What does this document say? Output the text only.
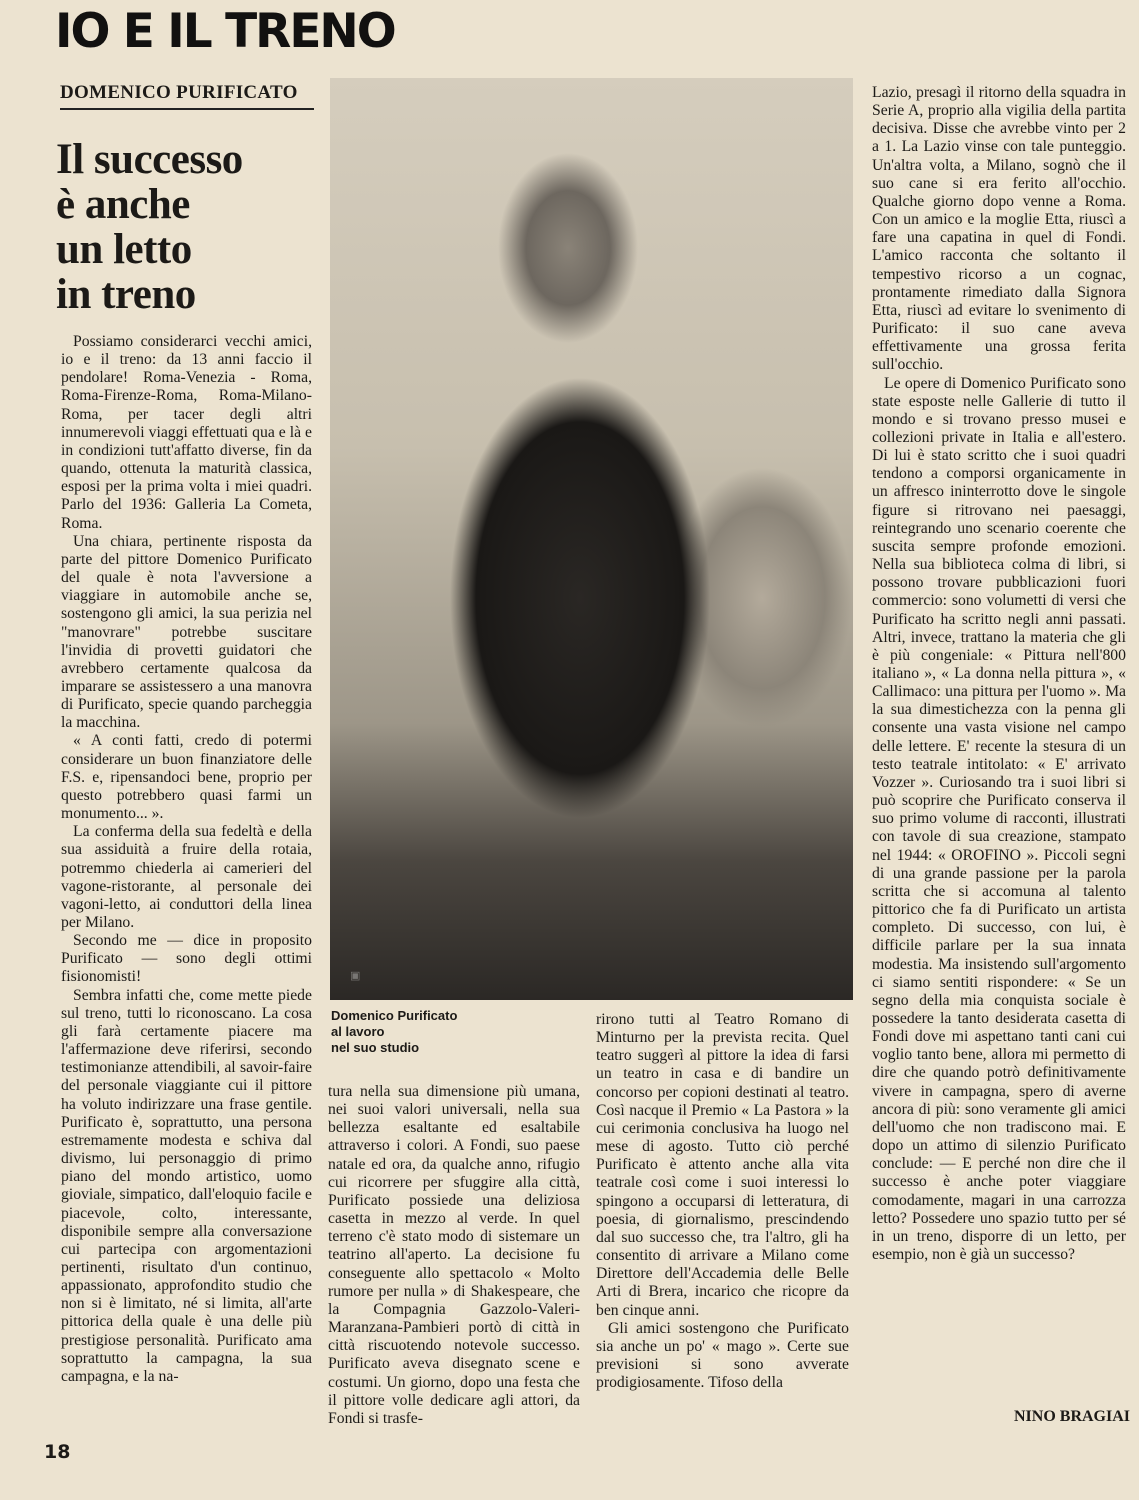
IO E IL TRENO
DOMENICO PURIFICATO
Il successo
è anche
un letto
in treno

Possiamo considerarci vecchi amici, io e il treno: da 13 anni faccio il pendolare! Roma-Venezia - Roma, Roma-Firenze-Roma, Roma-Milano-Roma, per tacer degli altri innumerevoli viaggi effettuati qua e là e in condizioni tutt'affatto diverse, fin da quando, ottenuta la maturità classica, esposi per la prima volta i miei quadri. Parlo del 1936: Galleria La Cometa, Roma.

Una chiara, pertinente risposta da parte del pittore Domenico Purificato del quale è nota l'avversione a viaggiare in automobile anche se, sostengono gli amici, la sua perizia nel "manovrare" potrebbe suscitare l'invidia di provetti guidatori che avrebbero certamente qualcosa da imparare se assistessero a una manovra di Purificato, specie quando parcheggia la macchina.

« A conti fatti, credo di potermi considerare un buon finanziatore delle F.S. e, ripensandoci bene, proprio per questo potrebbero quasi farmi un monumento... ».

La conferma della sua fedeltà e della sua assiduità a fruire della rotaia, potremmo chiederla ai camerieri del vagone-ristorante, al personale dei vagoni-letto, ai conduttori della linea per Milano.

Secondo me — dice in proposito Purificato — sono degli ottimi fisionomisti!

Sembra infatti che, come mette piede sul treno, tutti lo riconoscano. La cosa gli farà certamente piacere ma l'affermazione deve riferirsi, secondo testimonianze attendibili, al savoir-faire del personale viaggiante cui il pittore ha voluto indirizzare una frase gentile. Purificato è, soprattutto, una persona estremamente modesta e schiva dal divismo, lui personaggio di primo piano del mondo artistico, uomo gioviale, simpatico, dall'eloquio facile e piacevole, colto, interessante, disponibile sempre alla conversazione cui partecipa con argomentazioni pertinenti, risultato d'un continuo, appassionato, approfondito studio che non si è limitato, né si limita, all'arte pittorica della quale è una delle più prestigiose personalità. Purificato ama soprattutto la campagna, la sua campagna, e la na-

▣
Domenico Purificato
al lavoro
nel suo studio

tura nella sua dimensione più umana, nei suoi valori universali, nella sua bellezza esaltante ed esaltabile attraverso i colori. A Fondi, suo paese natale ed ora, da qualche anno, rifugio cui ricorrere per sfuggire alla città, Purificato possiede una deliziosa casetta in mezzo al verde. In quel terreno c'è stato modo di sistemare un teatrino all'aperto. La decisione fu conseguente allo spettacolo « Molto rumore per nulla » di Shakespeare, che la Compagnia Gazzolo-Valeri-Maranzana-Pambieri portò di città in città riscuotendo notevole successo. Purificato aveva disegnato scene e costumi. Un giorno, dopo una festa che il pittore volle dedicare agli attori, da Fondi si trasfe-

rirono tutti al Teatro Romano di Minturno per la prevista recita. Quel teatro suggerì al pittore la idea di farsi un teatro in casa e di bandire un concorso per copioni destinati al teatro. Così nacque il Premio « La Pastora » la cui cerimonia conclusiva ha luogo nel mese di agosto. Tutto ciò perché Purificato è attento anche alla vita teatrale così come i suoi interessi lo spingono a occuparsi di letteratura, di poesia, di giornalismo, prescindendo dal suo successo che, tra l'altro, gli ha consentito di arrivare a Milano come Direttore dell'Accademia delle Belle Arti di Brera, incarico che ricopre da ben cinque anni.

Gli amici sostengono che Purificato sia anche un po' « mago ». Certe sue previsioni si sono avverate prodigiosamente. Tifoso della

Lazio, presagì il ritorno della squadra in Serie A, proprio alla vigilia della partita decisiva. Disse che avrebbe vinto per 2 a 1. La Lazio vinse con tale punteggio. Un'altra volta, a Milano, sognò che il suo cane si era ferito all'occhio. Qualche giorno dopo venne a Roma. Con un amico e la moglie Etta, riuscì a fare una capatina in quel di Fondi. L'amico racconta che soltanto il tempestivo ricorso a un cognac, prontamente rimediato dalla Signora Etta, riuscì ad evitare lo svenimento di Purificato: il suo cane aveva effettivamente una grossa ferita sull'occhio.

Le opere di Domenico Purificato sono state esposte nelle Gallerie di tutto il mondo e si trovano presso musei e collezioni private in Italia e all'estero. Di lui è stato scritto che i suoi quadri tendono a comporsi organicamente in un affresco ininterrotto dove le singole figure si ritrovano nei paesaggi, reintegrando uno scenario coerente che suscita sempre profonde emozioni. Nella sua biblioteca colma di libri, si possono trovare pubblicazioni fuori commercio: sono volumetti di versi che Purificato ha scritto negli anni passati. Altri, invece, trattano la materia che gli è più congeniale: « Pittura nell'800 italiano », « La donna nella pittura », « Callimaco: una pittura per l'uomo ». Ma la sua dimestichezza con la penna gli consente una vasta visione nel campo delle lettere. E' recente la stesura di un testo teatrale intitolato: « E' arrivato Vozzer ». Curiosando tra i suoi libri si può scoprire che Purificato conserva il suo primo volume di racconti, illustrati con tavole di sua creazione, stampato nel 1944: « OROFINO ». Piccoli segni di una grande passione per la parola scritta che si accomuna al talento pittorico che fa di Purificato un artista completo. Di successo, con lui, è difficile parlare per la sua innata modestia. Ma insistendo sull'argomento ci siamo sentiti rispondere: « Se un segno della mia conquista sociale è possedere la tanto desiderata casetta di Fondi dove mi aspettano tanti cani cui voglio tanto bene, allora mi permetto di dire che quando potrò definitivamente vivere in campagna, spero di averne ancora di più: sono veramente gli amici dell'uomo che non tradiscono mai. E dopo un attimo di silenzio Purificato conclude: — E perché non dire che il successo è anche poter viaggiare comodamente, magari in una carrozza letto? Possedere uno spazio tutto per sé in un treno, disporre di un letto, per esempio, non è già un successo?

NINO BRAGIAI
18
